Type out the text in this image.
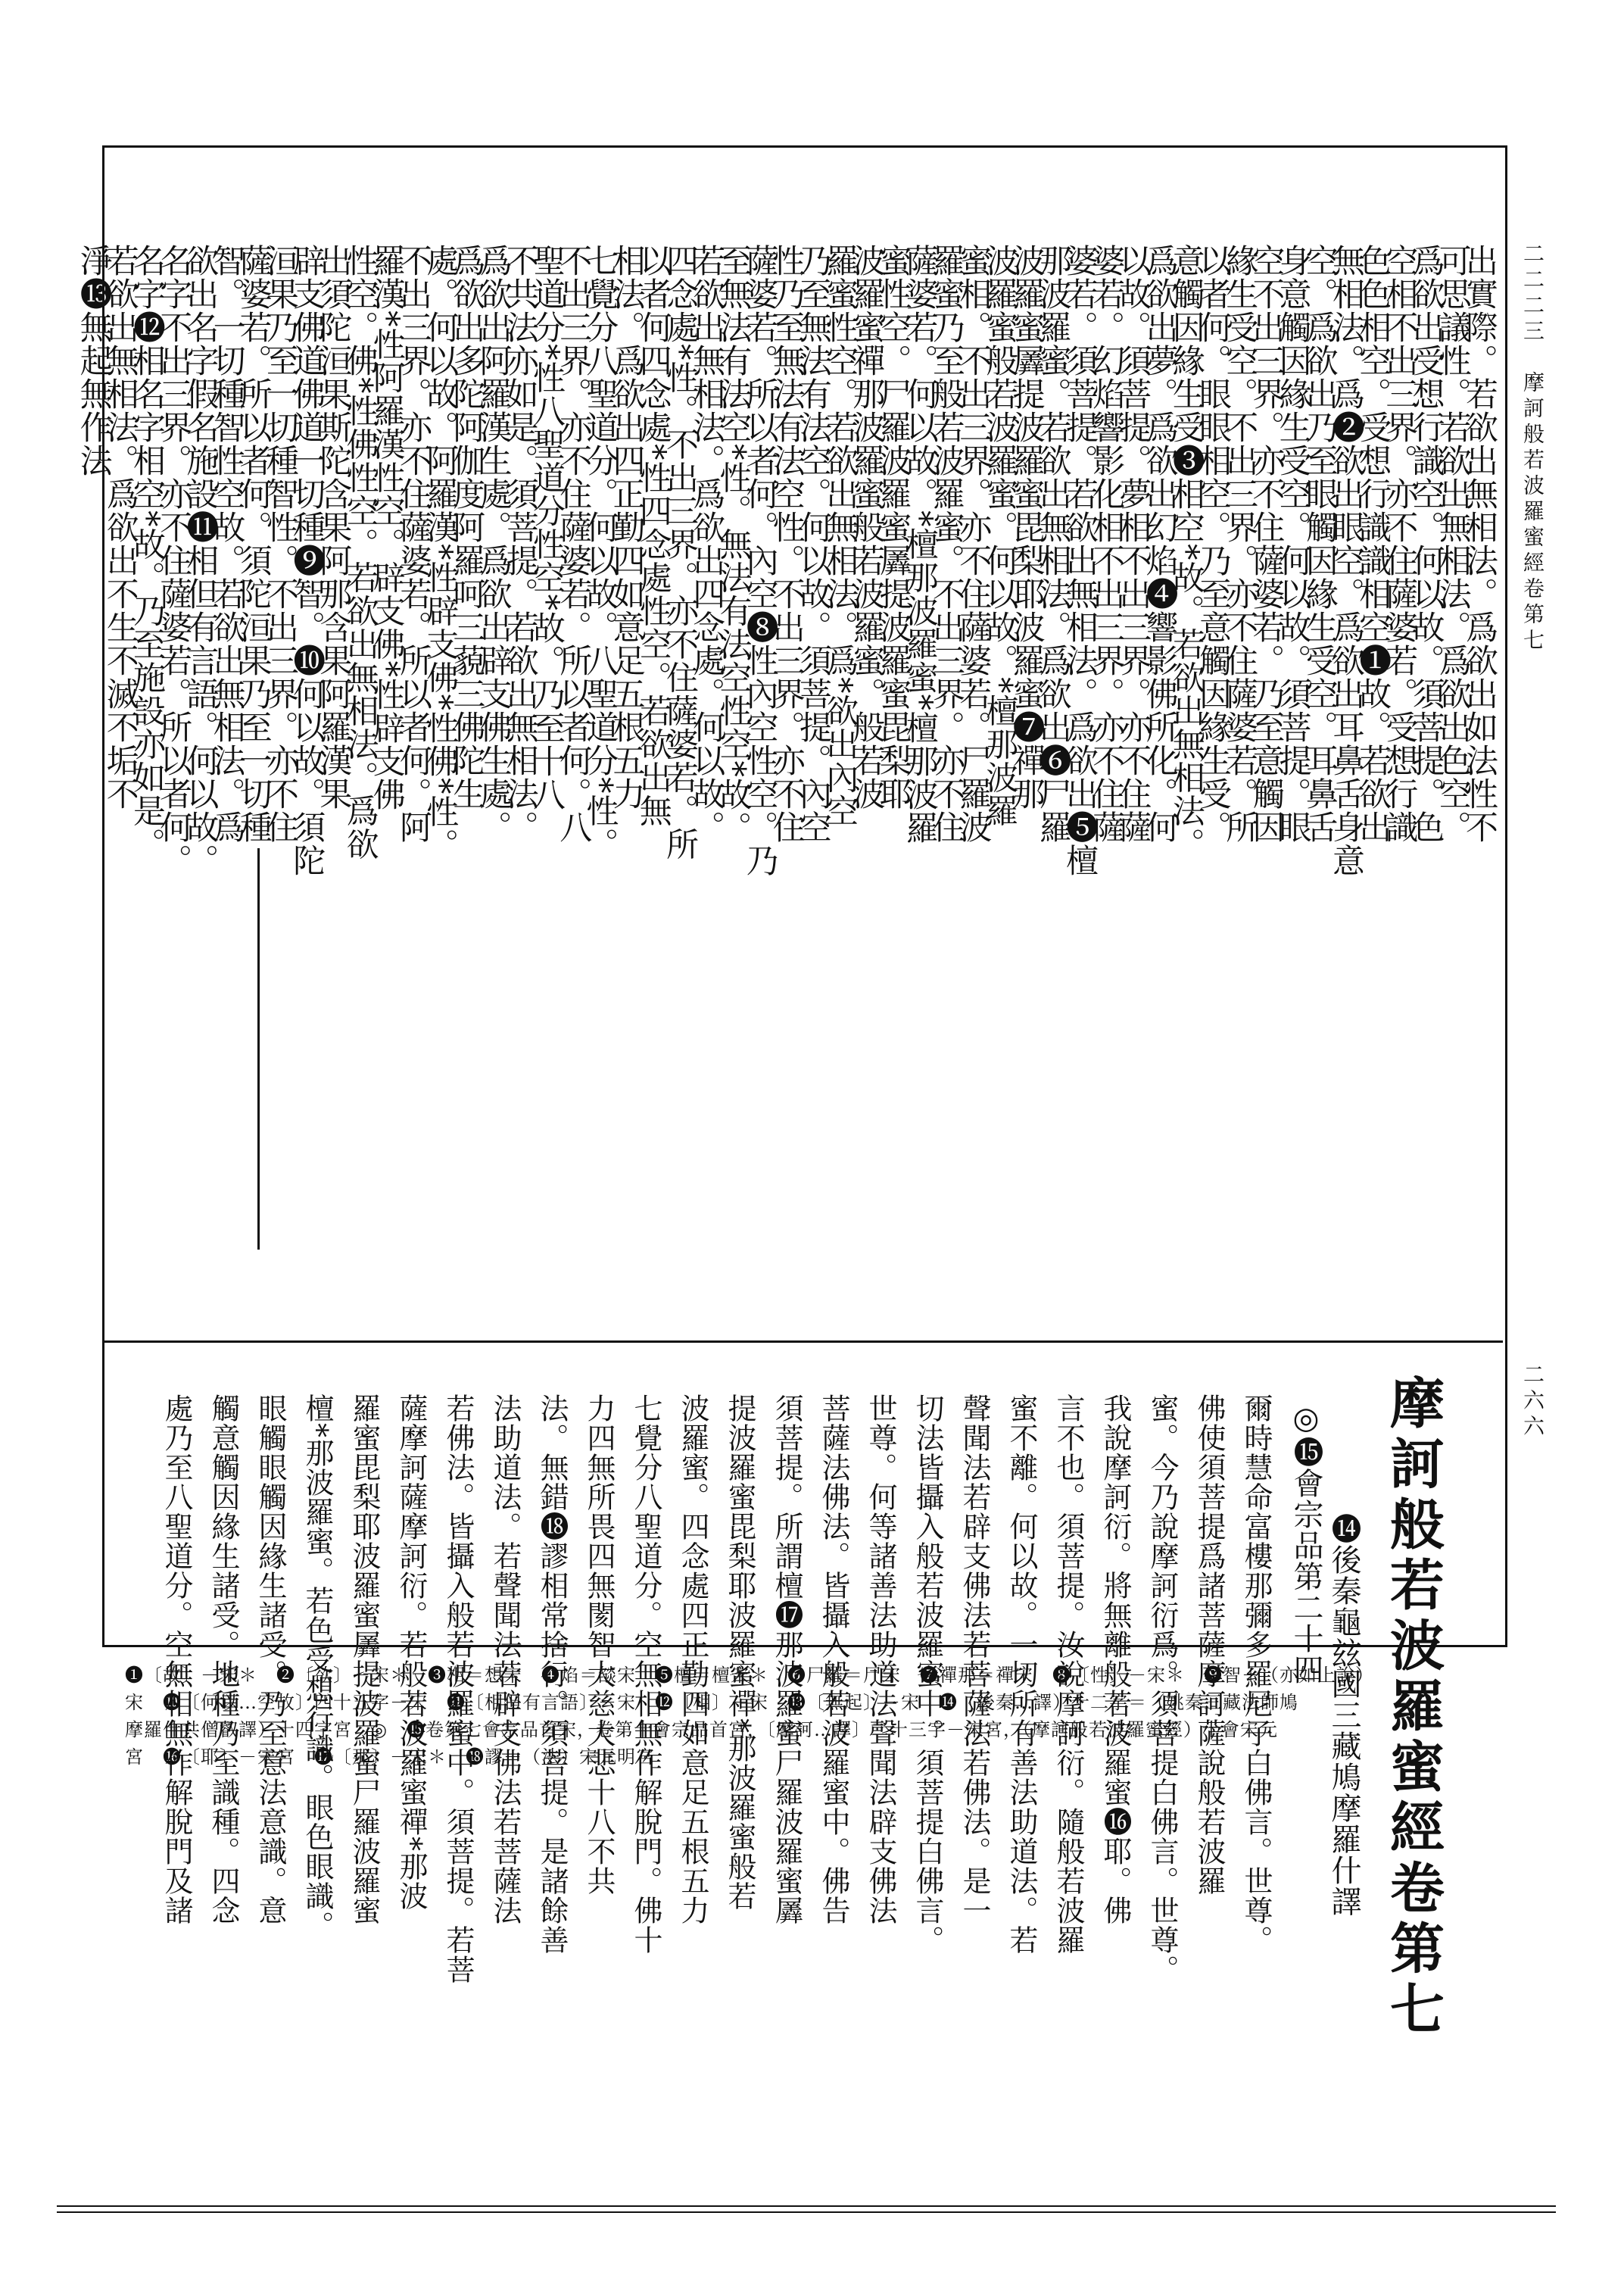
二二二三
摩訶般若波羅蜜經卷第七
二六六
出實際。若欲出無相法。爲欲出如法性不
可思議性。若欲出無相法。爲欲出色空。
爲欲出受想行識空。何以故。須菩提。色
空相不出三界。亦不住薩婆若。受想行識
色色相空。受想行識識相空❶故。若欲出
無相法。爲❷欲出眼空。爲欲出耳鼻舌身意
空。爲欲出乃至眼觸因緣生受空。耳鼻舌
身意觸因緣生受空。何以故。須菩提。眼
空不出三界。亦不住薩婆若。乃至意觸因
緣生受空。不出三界。亦不住薩婆若。所
以者何。眼眼相空。乃至意觸因緣生受。
意觸因緣生受❸相空*故。若欲出無相法。
爲欲出夢。爲欲出幻焰❹響影佛所化。何
以故。須菩提。夢相不出三界。亦不住薩
婆若。幻焰響影化相不出三界。亦不住薩
婆若。須菩提。若欲出無相法。爲欲出❺檀
那波羅蜜。若欲出無相法。爲欲出❻尸羅
波羅蜜羼提波羅蜜毘梨耶波羅蜜❼禪那
波羅蜜般若波羅蜜。何以故。*檀那波羅
蜜相。不出三界。亦不住薩婆若。尸羅波
羅蜜乃至般若波羅蜜。不出三界。亦不住
薩婆若。何以故。*檀那波羅蜜*檀那波羅
蜜性空。尸羅波羅蜜羼提波羅蜜毘梨耶
波羅蜜禪那波羅蜜般若波羅蜜。般若波
羅蜜性空。若欲出無相法。爲*欲出內空
乃至無法有法空。何以故。須菩提。內空
性乃至無法有法空性。不出三界。亦不住
薩婆若。所以者何。內空❽性內空性空。乃
至無法有法空*性。無法有法空性空*故。
若欲出無相法。爲欲出四念處。何以故。
四念處*性。不出三界。亦不住薩婆若。所
以者何四念處*性四念處性空。若欲出無
相法。爲欲出四正勤四如意足五根五力
七覺分八聖道分。何以故。八聖道分*性。
不出三界。亦不住薩婆若。所以者何。八
聖道分*性八聖道分性空*故。乃至十八
不共法亦如是。須菩提。若欲出無相法。
爲欲出阿羅漢生處。爲欲出辟支佛生處。
爲欲出多陀阿伽度阿羅呵三藐三佛陀生
處。何以故。阿羅漢*性辟支佛*性佛*性。
不出三界。亦不住薩婆若。所以者何。阿
羅漢*性阿羅漢性空。辟支佛*性辟支佛
性空。佛*性佛性空。若欲出無相法。爲欲
出須陀洹果斯陀含果阿那含果阿羅漢果
辟支佛道佛道一切種❾智。❿何以故。須陀
洹果乃至一切種智性。不出三界。亦不住
薩婆若。所以者何。須陀洹果乃至一切種
智。一切種智性空故。若欲出無相法。爲
欲出名字假名施設⓫相但有言語。何以故。
名字不出三界。亦不住薩婆若。所以者何。
名字⓬相名字相空*故。乃至施設亦如是。
若欲出無相法。爲欲出不生不滅不垢不
淨⓭無起無作法
爾時慧命富樓那彌多羅尼子白佛言。世尊。
佛使須菩提爲諸菩薩摩訶薩說般若波羅
蜜。今乃說摩訶衍爲。須菩提白佛言。世尊。
我說摩訶衍。將無離般若波羅蜜⓰耶。佛
言不也。須菩提。汝說摩訶衍。隨般若波羅
蜜不離。何以故。一切所有善法助道法。若
聲聞法若辟支佛法若菩薩法若佛法。是一
切法皆攝入般若波羅蜜中。須菩提白佛言。
世尊。何等諸善法助道法聲聞法辟支佛法
菩薩法佛法。皆攝入般若波羅蜜中。佛告
須菩提。所謂檀⓱那波羅蜜尸羅波羅蜜羼
提波羅蜜毘梨耶波羅蜜禪*那波羅蜜般若
波羅蜜。四念處四正勤四如意足五根五力
七覺分八聖道分。空無相無作解脫門。佛十
力四無所畏四無閡智大慈大悲十八不共
法。無錯⓲謬相常捨行。須菩提。是諸餘善
法助道法。若聲聞法若辟支佛法若菩薩法
若佛法。皆攝入般若波羅蜜中。須菩提。若菩
薩摩訶薩摩訶衍。若般若波羅蜜禪*那波
羅蜜毘梨耶波羅蜜羼提波羅蜜尸羅波羅蜜
檀*那波羅蜜。若色受想行識。眼色眼識。
眼觸眼觸因緣生諸受。乃至意法意識。意
觸意觸因緣生諸受。地種乃至識種。四念
處乃至八聖道分。空無相無作解脫門及諸	摩訶般若波羅蜜經卷第七
⓮後秦龜玆國三藏鳩摩羅什譯
◎⓯會宗品第二十四
❶〔故〕－宋＊　❷〔欲〕－宋＊　❸相＝想宋　❹焰＝燄宋　❺檀＝檀宋＊　❻尸羅＝尸宋　❼禪那＝禪宋　❽〔性〕－宋＊　❾智＋（亦如上說）
宋　❿〔何以…空故〕四十五字－宋　⓫〔相但有言語〕－宋　⓬〔相〕－宋　⓭〔無起〕－宋　⓮（後秦…譯）十二字＝（姚秦三藏法師鳩
摩羅什共僧叡譯）十四字宮　◎　⓯卷第七會宗品首宋，卷第十會宗品首宮，〔摩訶…譯〕二十三字－宋宮，（摩訶般若波羅蜜經）十會宋元
宮　⓰〔耶〕－宋宮　⓱〔那〕－宋＊　⓲謬＋（法）宋元明宮
